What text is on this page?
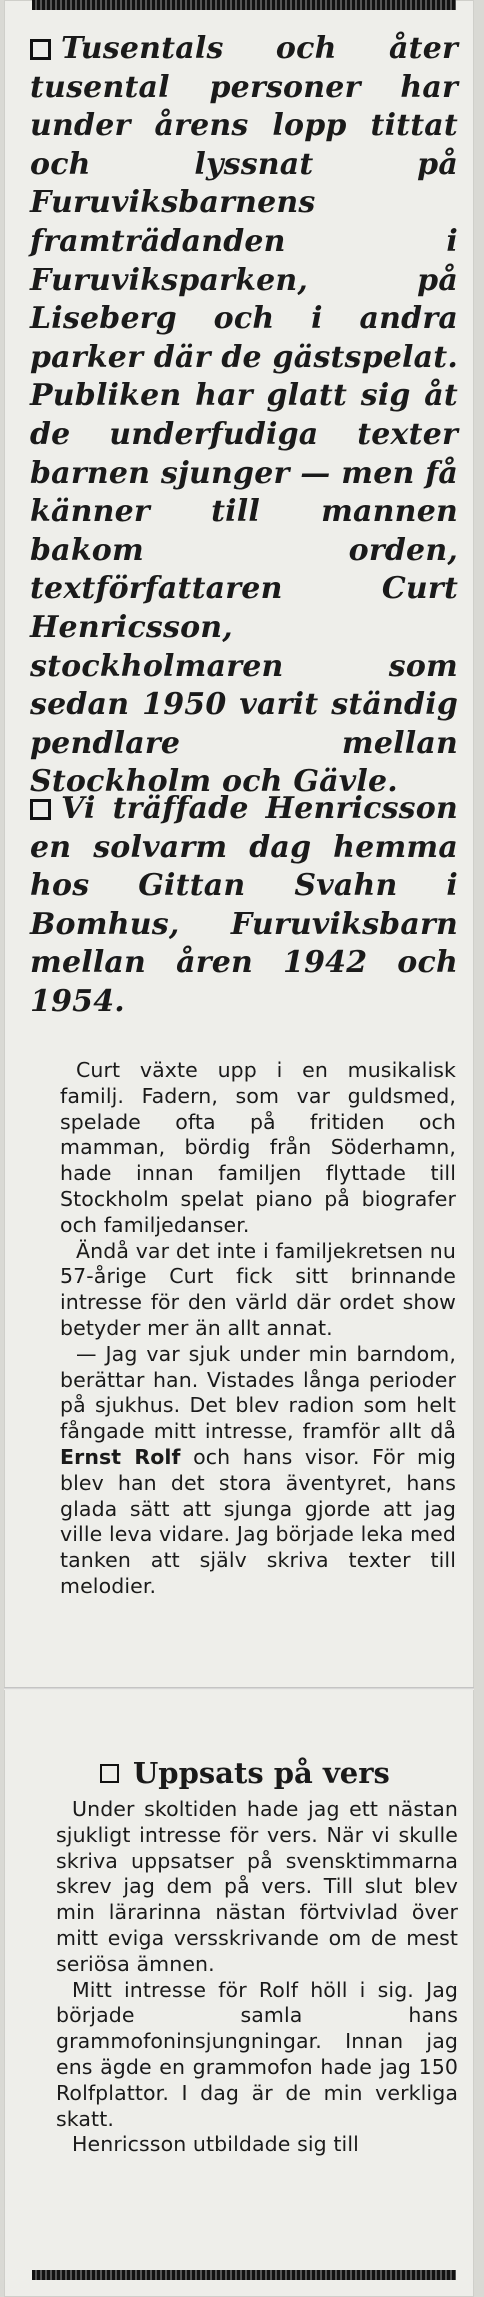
Tusentals och åter tusental personer har under årens lopp tittat och lyssnat på Furuviksbarnens framträdanden i Furuviksparken, på Liseberg och i andra parker där de gästspelat. Publiken har glatt sig åt de underfudiga texter barnen sjunger — men få känner till mannen bakom orden, textförfattaren Curt Henricsson, stockholmaren som sedan 1950 varit ständig pendlare mellan Stockholm och Gävle.
Vi träffade Henricsson en solvarm dag hemma hos Gittan Svahn i Bomhus, Furuviksbarn mellan åren 1942 och 1954.

Curt växte upp i en musikalisk familj. Fadern, som var guldsmed, spelade ofta på fritiden och mamman, bördig från Söderhamn, hade innan familjen flyttade till Stockholm spelat piano på biografer och familjedanser.

Ändå var det inte i familjekretsen nu 57-årige Curt fick sitt brinnande intresse för den värld där ordet show betyder mer än allt annat.

— Jag var sjuk under min barndom, berättar han. Vistades långa perioder på sjukhus. Det blev radion som helt fångade mitt intresse, framför allt då Ernst Rolf och hans visor. För mig blev han det stora äventyret, hans glada sätt att sjunga gjorde att jag ville leva vidare. Jag började leka med tanken att själv skriva texter till melodier.

Uppsats på vers

Under skoltiden hade jag ett nästan sjukligt intresse för vers. När vi skulle skriva uppsatser på svensktimmarna skrev jag dem på vers. Till slut blev min lärarinna nästan förtvivlad över mitt eviga versskrivande om de mest seriösa ämnen.

Mitt intresse för Rolf höll i sig. Jag började samla hans grammofoninsjungningar. Innan jag ens ägde en grammofon hade jag 150 Rolfplattor. I dag är de min verkliga skatt.

Henricsson utbildade sig till
